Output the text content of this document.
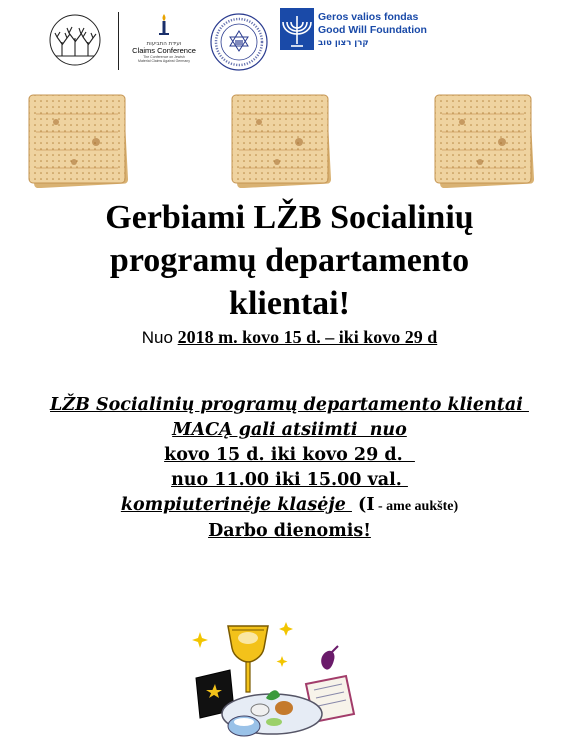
ועידת התביעות
Claims Conference
The Conference on Jewish
Material Claims Against Germany
Geros valios fondas
Good Will Foundation
קרן רצון טוב
Gerbiami LŽB Socialinių
programų departamento
klientai!
Nuo 2018 m. kovo 15 d. – iki kovo 29 d
LŽB Socialinių programų departamento klientai
MACĄ gali atsiimti  nuo
kovo 15 d. iki kovo 29 d.
nuo 11.00 iki 15.00 val.
kompiuterinėje klasėje  (I - ame aukšte)
Darbo dienomis!
